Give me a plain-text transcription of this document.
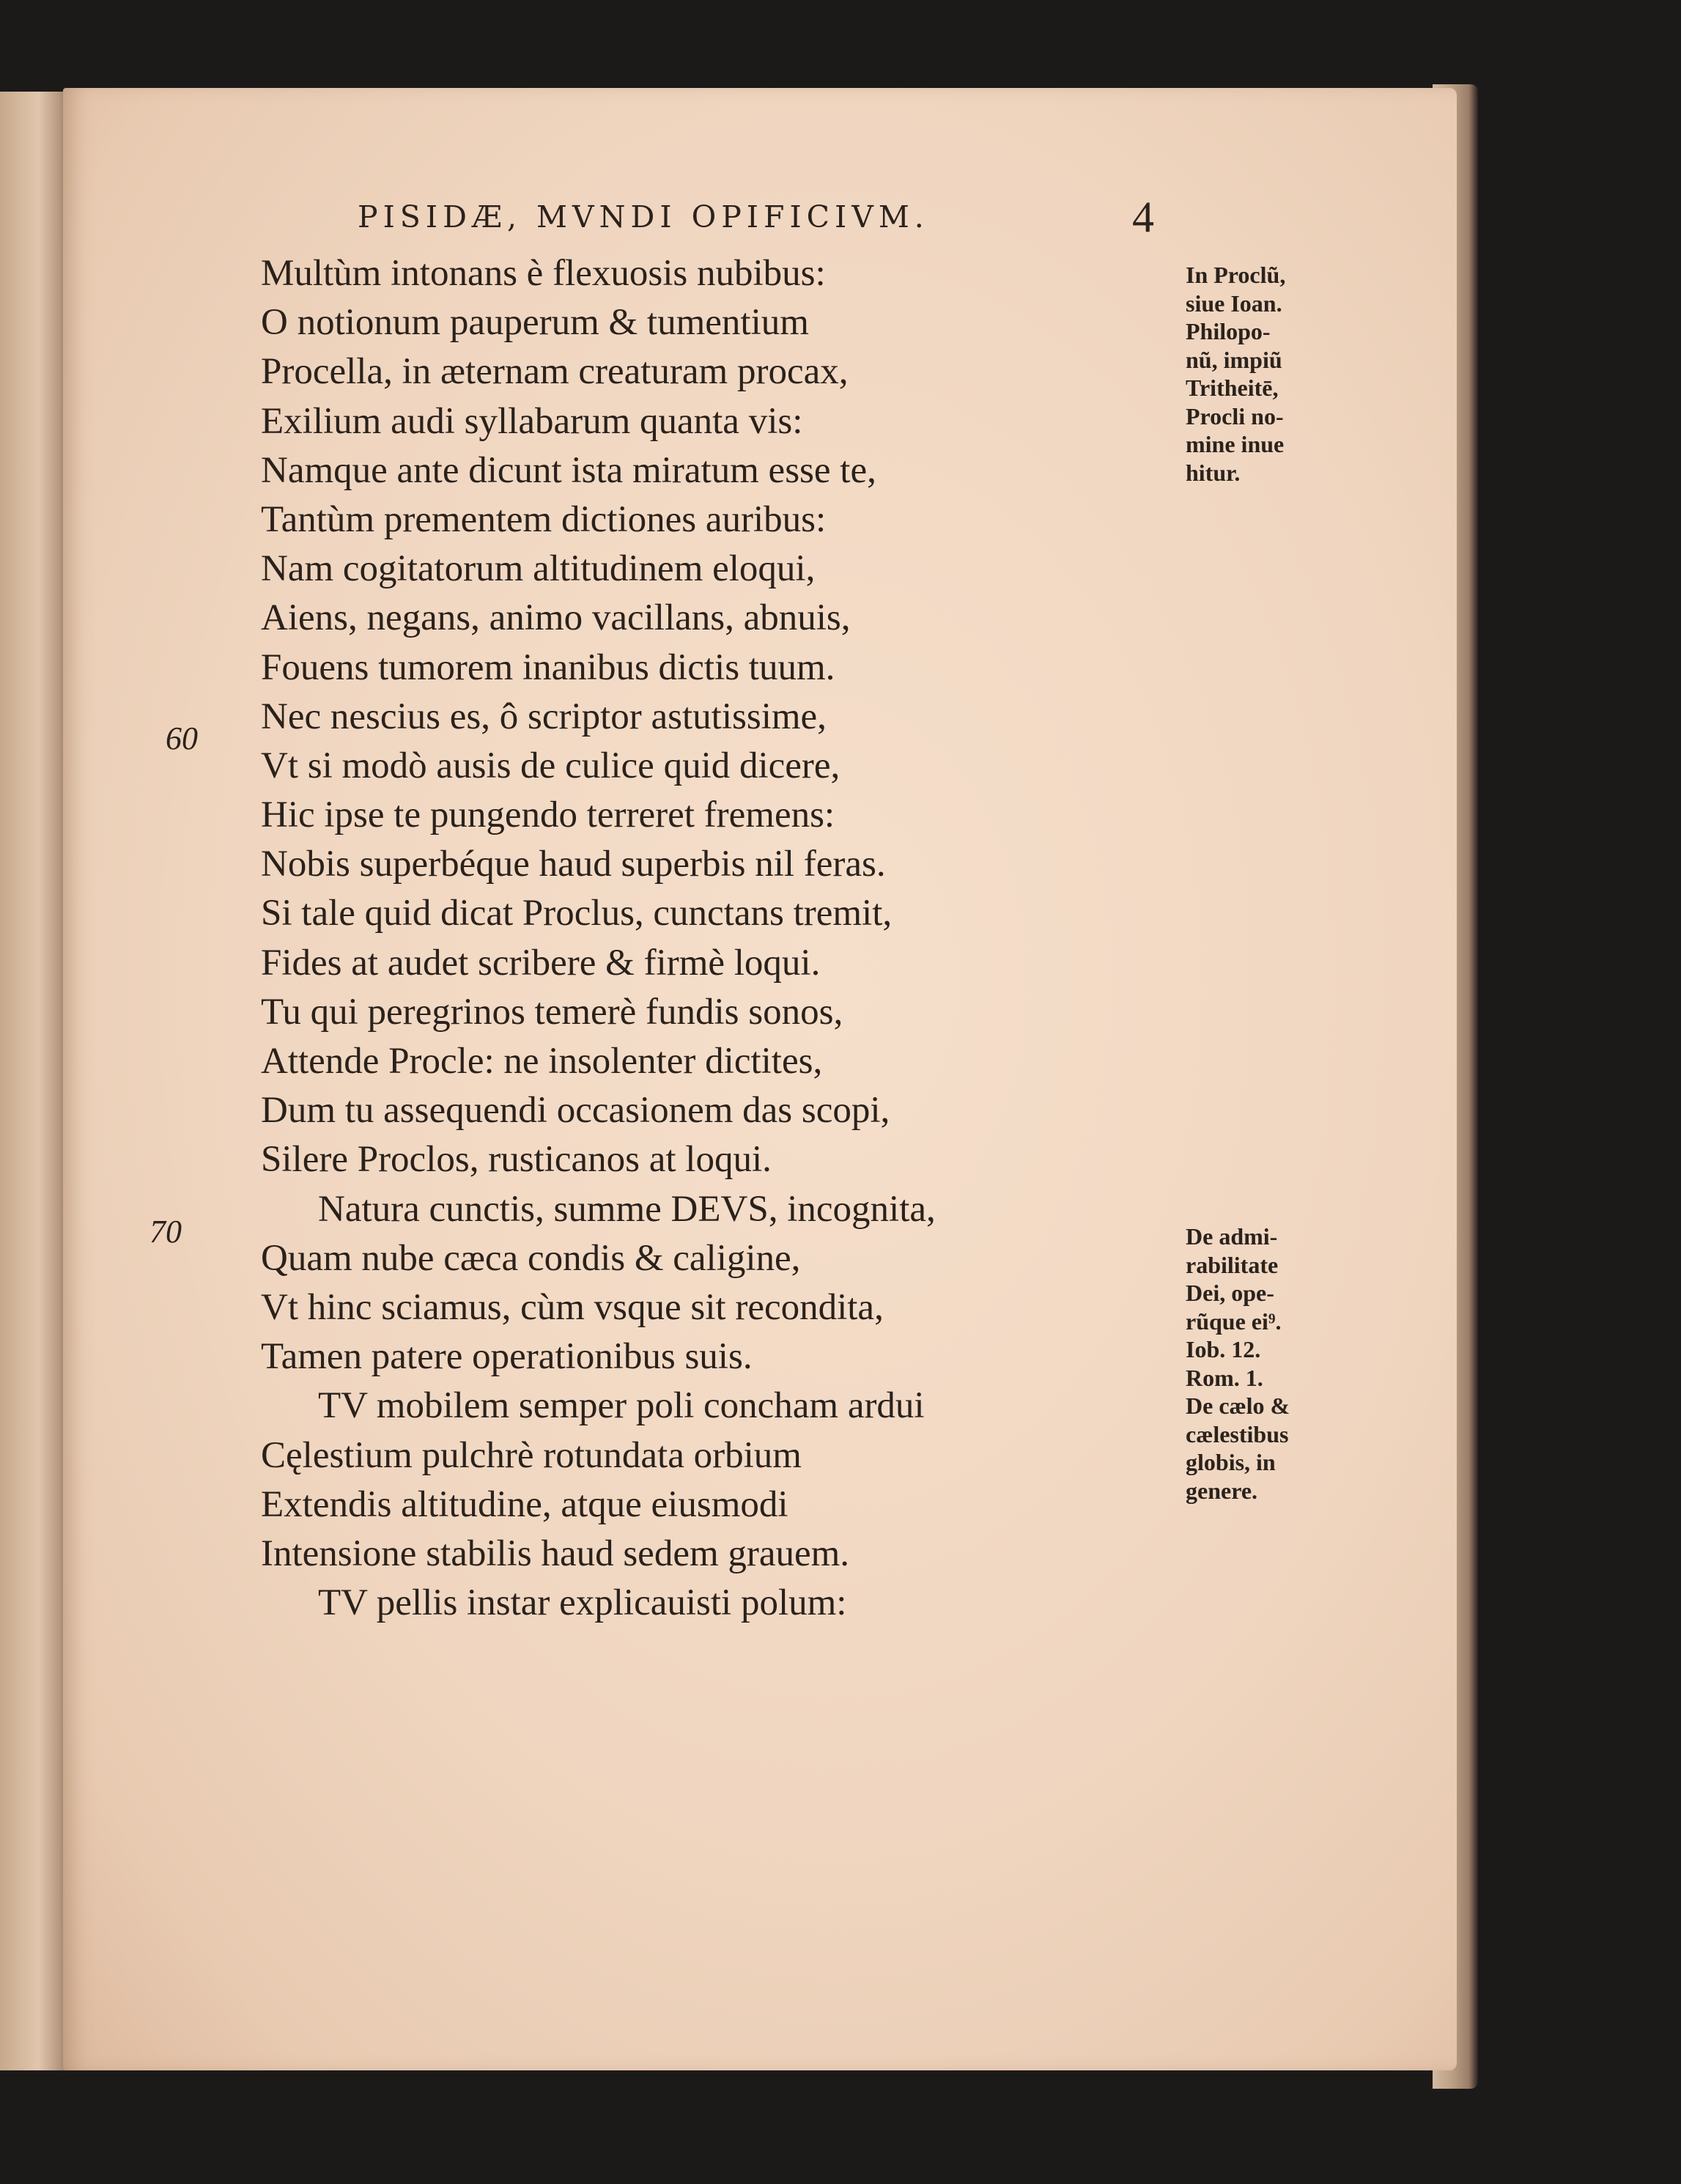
PISIDÆ, MVNDI OPIFICIVM.	4
60
70
Multùm intonans è flexuosis nubibus:
O notionum pauperum & tumentium
Procella, in æternam creaturam procax,
Exilium audi syllabarum quanta vis:
Namque ante dicunt ista miratum esse te,
Tantùm prementem dictiones auribus:
Nam cogitatorum altitudinem eloqui,
Aiens, negans, animo vacillans, abnuis,
Fouens tumorem inanibus dictis tuum.
Nec nescius es, ô scriptor astutissime,
Vt si modò ausis de culice quid dicere,
Hic ipse te pungendo terreret fremens:
Nobis superbéque haud superbis nil feras.
Si tale quid dicat Proclus, cunctans tremit,
Fides at audet scribere & firmè loqui.
Tu qui peregrinos temerè fundis sonos,
Attende Procle: ne insolenter dictites,
Dum tu assequendi occasionem das scopi,
Silere Proclos, rusticanos at loqui.
Natura cunctis, summe DEVS, incognita,
Quam nube cæca condis & caligine,
Vt hinc sciamus, cùm vsque sit recondita,
Tamen patere operationibus suis.
TV mobilem semper poli concham ardui
Cęlestium pulchrè rotundata orbium
Extendis altitudine, atque eiusmodi
Intensione stabilis haud sedem grauem.
TV pellis instar explicauisti polum:
In Proclũ,
siue Ioan.
Philopo-
nũ, impiũ
Tritheitē,
Procli no-
mine inue
hitur.
De admi-
rabilitate
Dei, ope-
rũque ei⁹.
Iob. 12.
Rom. 1.
De cælo &
cælestibus
globis, in
genere.
